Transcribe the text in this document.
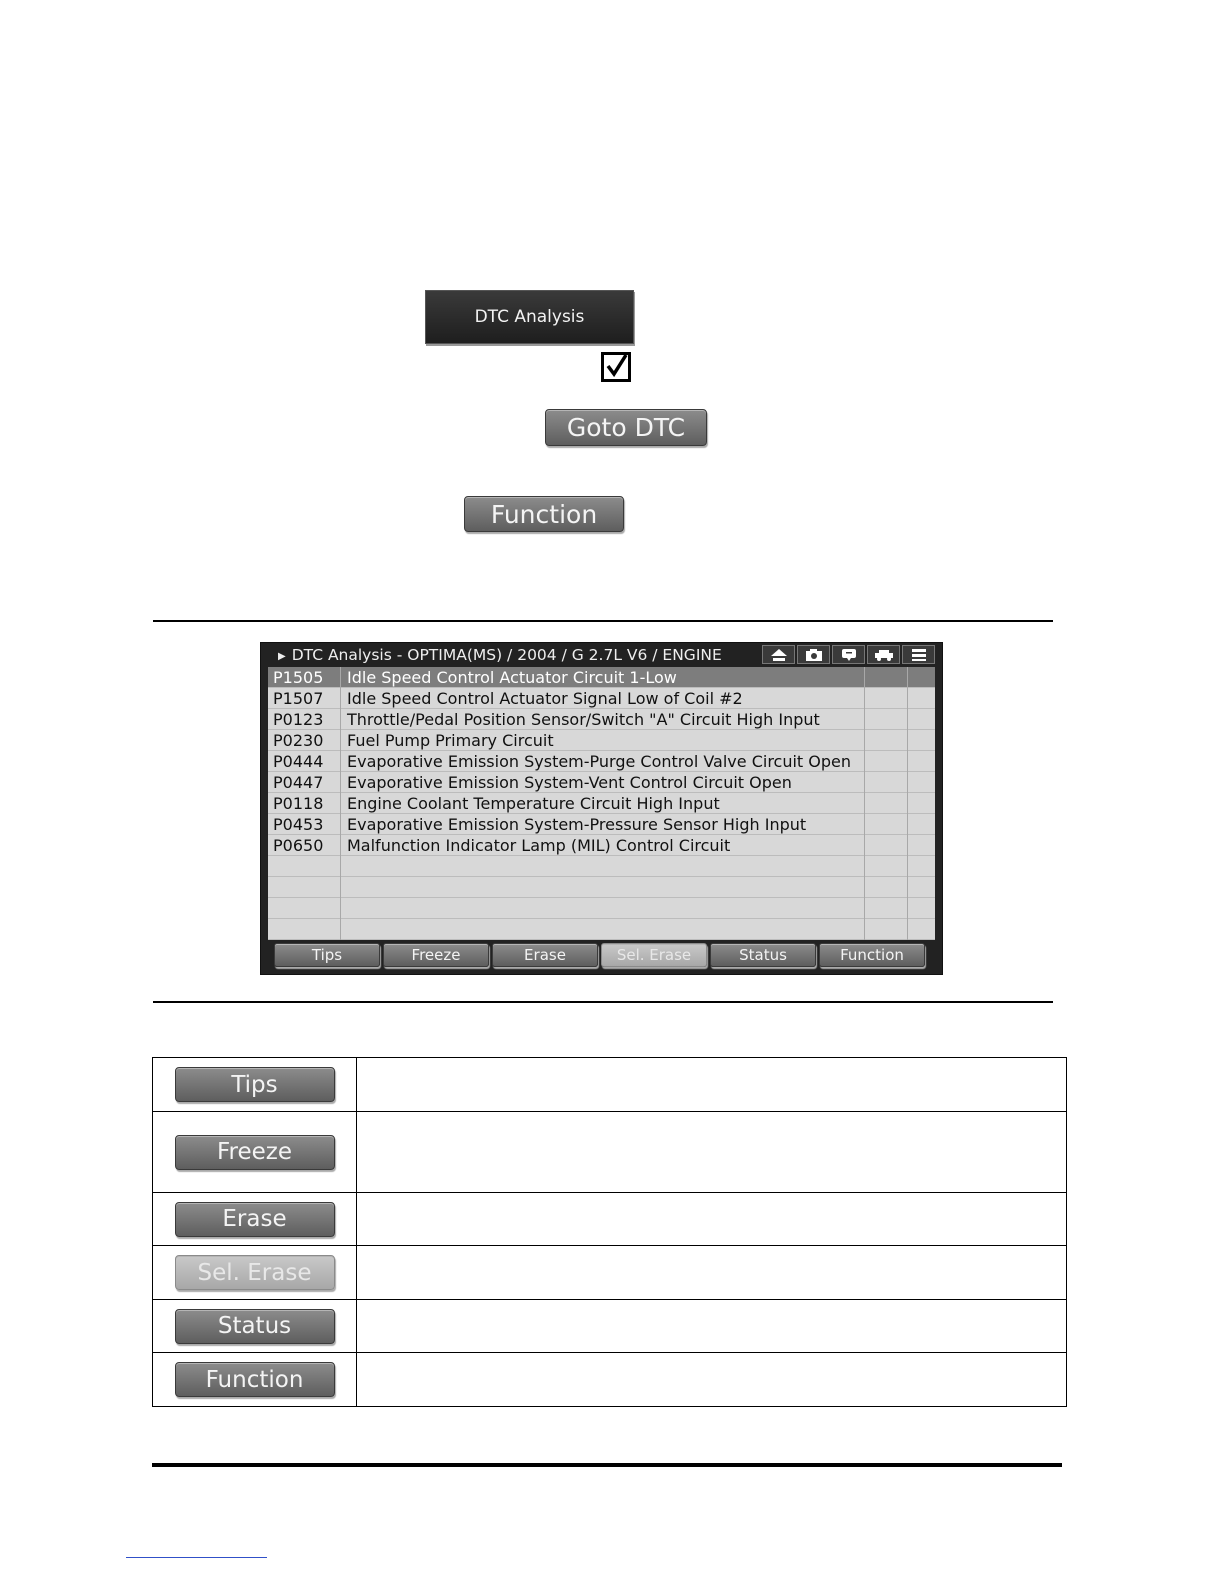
DTC Analysis
Goto DTC
Function
▶ DTC Analysis - OPTIMA(MS) / 2004 / G 2.7L V6 / ENGINE
P0650 Malfunction Indicator Lamp (MIL) Control Circuit
P0453 Evaporative Emission System-Pressure Sensor High Input
P0118 Engine Coolant Temperature Circuit High Input
P0447 Evaporative Emission System-Vent Control Circuit Open
P0444 Evaporative Emission System-Purge Control Valve Circuit Open
P0230 Fuel Pump Primary Circuit
P0123 Throttle/Pedal Position Sensor/Switch "A" Circuit High Input
P1507 Idle Speed Control Actuator Signal Low of Coil #2
P1505 Idle Speed Control Actuator Circuit 1-Low
Tips	Freeze	Erase	Sel. Erase	Status	Function
Tips	

Freeze	

Erase	

Sel. Erase	

Status	

Function	
